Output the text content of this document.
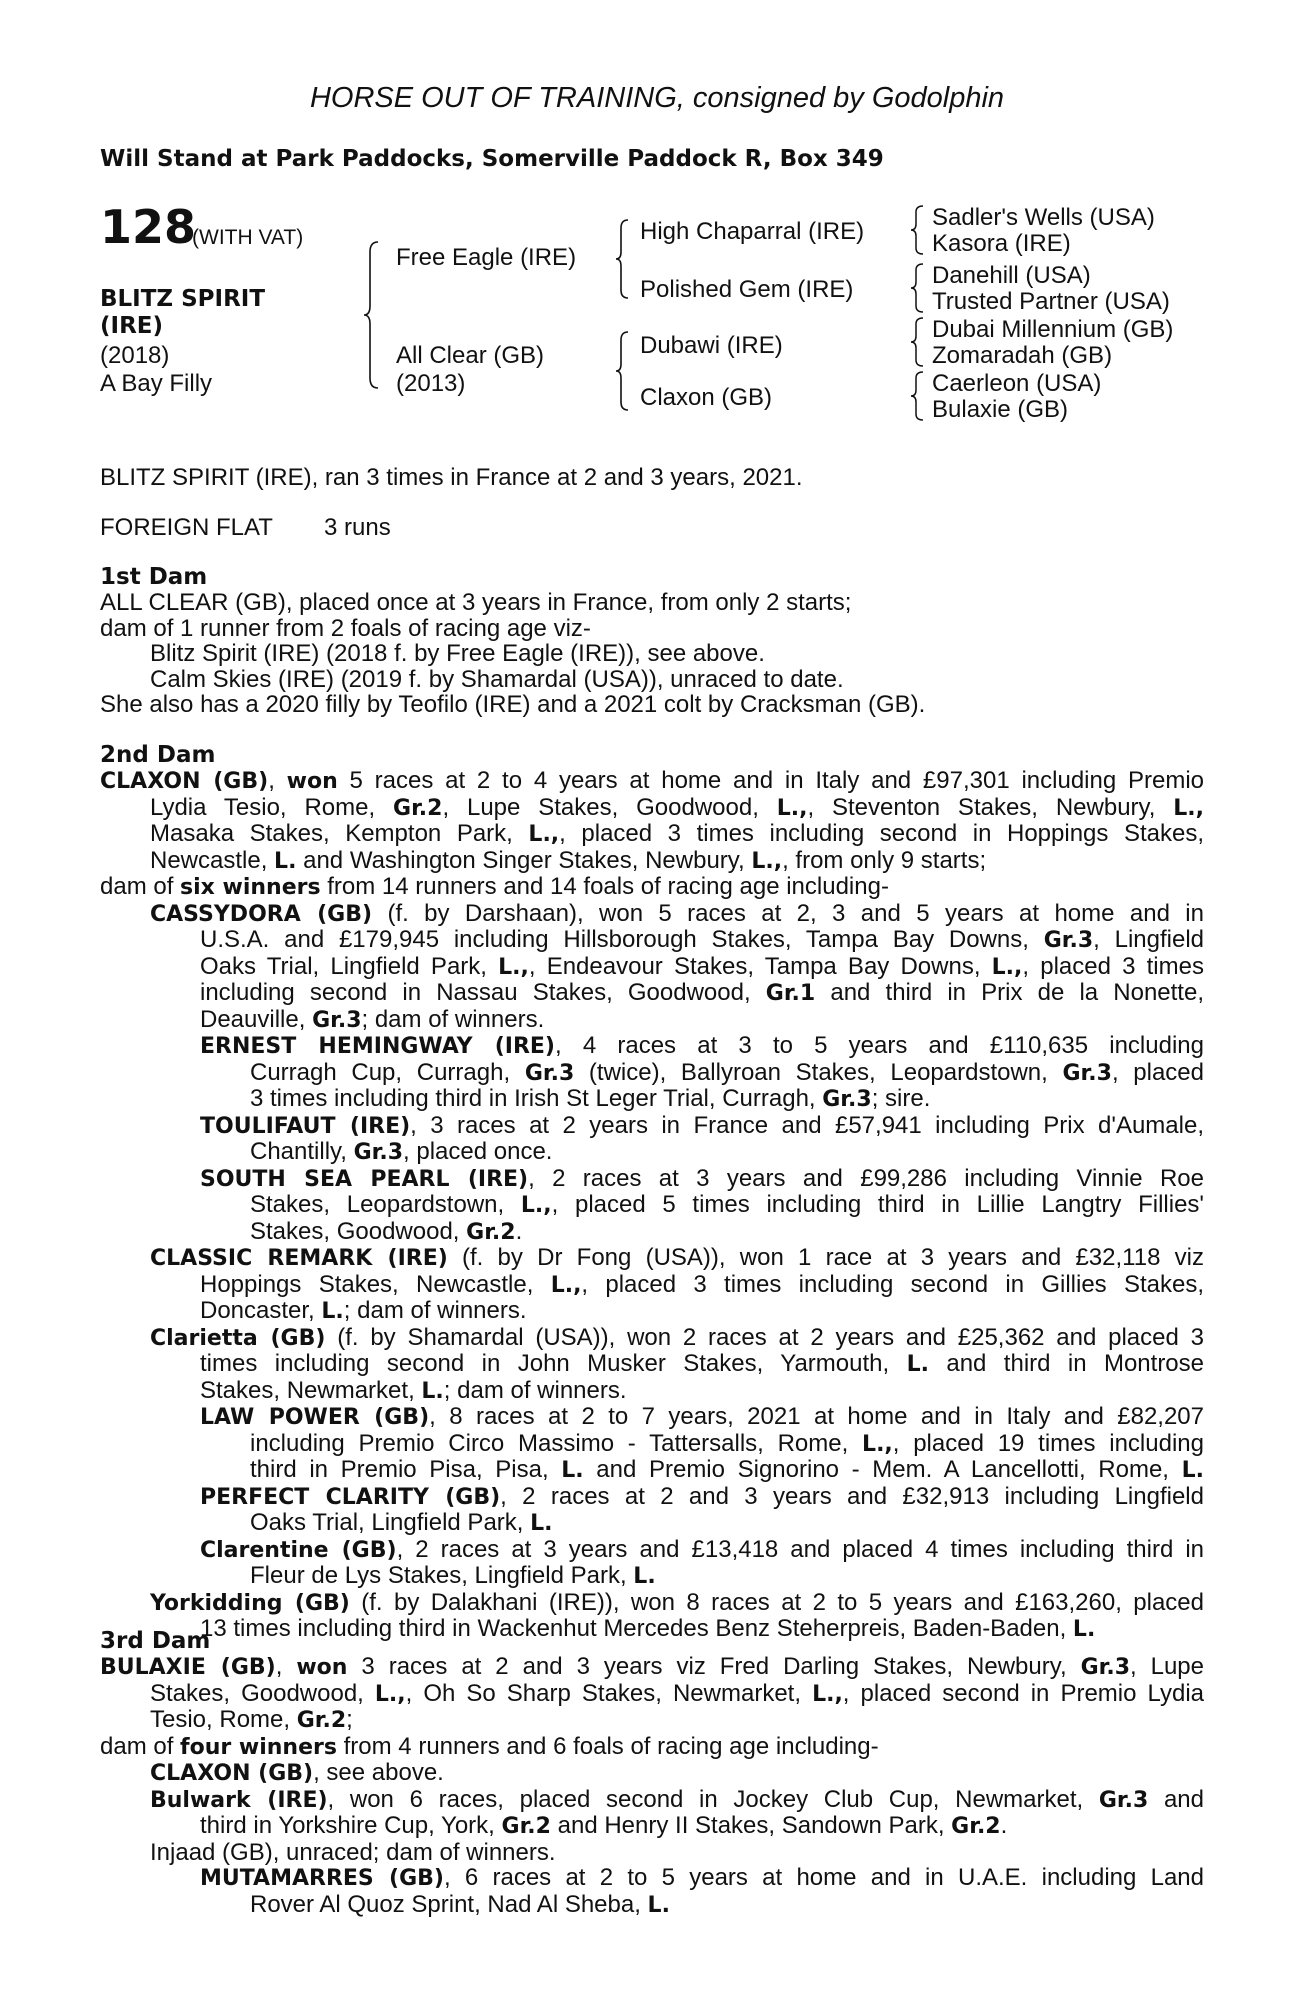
HORSE OUT OF TRAINING, consigned by Godolphin
Will Stand at Park Paddocks, Somerville Paddock R, Box 349
128
(WITH VAT)
BLITZ SPIRIT
(IRE)
(2018)
A Bay Filly
Free Eagle (IRE)
All Clear (GB)
(2013)
High Chaparral (IRE)
Polished Gem (IRE)
Dubawi (IRE)
Claxon (GB)
Sadler's Wells (USA)
Kasora (IRE)
Danehill (USA)
Trusted Partner (USA)
Dubai Millennium (GB)
Zomaradah (GB)
Caerleon (USA)
Bulaxie (GB)
BLITZ SPIRIT (IRE), ran 3 times in France at 2 and 3 years, 2021.
FOREIGN FLAT 3 runs
1st Dam
ALL CLEAR (GB), placed once at 3 years in France, from only 2 starts;
dam of 1 runner from 2 foals of racing age viz-
Blitz Spirit (IRE) (2018 f. by Free Eagle (IRE)), see above.
Calm Skies (IRE) (2019 f. by Shamardal (USA)), unraced to date.
She also has a 2020 filly by Teofilo (IRE) and a 2021 colt by Cracksman (GB).
2nd Dam
CLAXON (GB), won 5 races at 2 to 4 years at home and in Italy and £97,301 including Premio
Lydia Tesio, Rome, Gr.2, Lupe Stakes, Goodwood, L.,, Steventon Stakes, Newbury, L.,
Masaka Stakes, Kempton Park, L.,, placed 3 times including second in Hoppings Stakes,
Newcastle, L. and Washington Singer Stakes, Newbury, L.,, from only 9 starts;
dam of six winners from 14 runners and 14 foals of racing age including-
CASSYDORA (GB) (f. by Darshaan), won 5 races at 2, 3 and 5 years at home and in
U.S.A. and £179,945 including Hillsborough Stakes, Tampa Bay Downs, Gr.3, Lingfield
Oaks Trial, Lingfield Park, L.,, Endeavour Stakes, Tampa Bay Downs, L.,, placed 3 times
including second in Nassau Stakes, Goodwood, Gr.1 and third in Prix de la Nonette,
Deauville, Gr.3; dam of winners.
ERNEST HEMINGWAY (IRE), 4 races at 3 to 5 years and £110,635 including
Curragh Cup, Curragh, Gr.3 (twice), Ballyroan Stakes, Leopardstown, Gr.3, placed
3 times including third in Irish St Leger Trial, Curragh, Gr.3; sire.
TOULIFAUT (IRE), 3 races at 2 years in France and £57,941 including Prix d'Aumale,
Chantilly, Gr.3, placed once.
SOUTH SEA PEARL (IRE), 2 races at 3 years and £99,286 including Vinnie Roe
Stakes, Leopardstown, L.,, placed 5 times including third in Lillie Langtry Fillies'
Stakes, Goodwood, Gr.2.
CLASSIC REMARK (IRE) (f. by Dr Fong (USA)), won 1 race at 3 years and £32,118 viz
Hoppings Stakes, Newcastle, L.,, placed 3 times including second in Gillies Stakes,
Doncaster, L.; dam of winners.
Clarietta (GB) (f. by Shamardal (USA)), won 2 races at 2 years and £25,362 and placed 3
times including second in John Musker Stakes, Yarmouth, L. and third in Montrose
Stakes, Newmarket, L.; dam of winners.
LAW POWER (GB), 8 races at 2 to 7 years, 2021 at home and in Italy and £82,207
including Premio Circo Massimo - Tattersalls, Rome, L.,, placed 19 times including
third in Premio Pisa, Pisa, L. and Premio Signorino - Mem. A Lancellotti, Rome, L.
PERFECT CLARITY (GB), 2 races at 2 and 3 years and £32,913 including Lingfield
Oaks Trial, Lingfield Park, L.
Clarentine (GB), 2 races at 3 years and £13,418 and placed 4 times including third in
Fleur de Lys Stakes, Lingfield Park, L.
Yorkidding (GB) (f. by Dalakhani (IRE)), won 8 races at 2 to 5 years and £163,260, placed
13 times including third in Wackenhut Mercedes Benz Steherpreis, Baden-Baden, L.
3rd Dam
BULAXIE (GB), won 3 races at 2 and 3 years viz Fred Darling Stakes, Newbury, Gr.3, Lupe
Stakes, Goodwood, L.,, Oh So Sharp Stakes, Newmarket, L.,, placed second in Premio Lydia
Tesio, Rome, Gr.2;
dam of four winners from 4 runners and 6 foals of racing age including-
CLAXON (GB), see above.
Bulwark (IRE), won 6 races, placed second in Jockey Club Cup, Newmarket, Gr.3 and
third in Yorkshire Cup, York, Gr.2 and Henry II Stakes, Sandown Park, Gr.2.
Injaad (GB), unraced; dam of winners.
MUTAMARRES (GB), 6 races at 2 to 5 years at home and in U.A.E. including Land
Rover Al Quoz Sprint, Nad Al Sheba, L.
